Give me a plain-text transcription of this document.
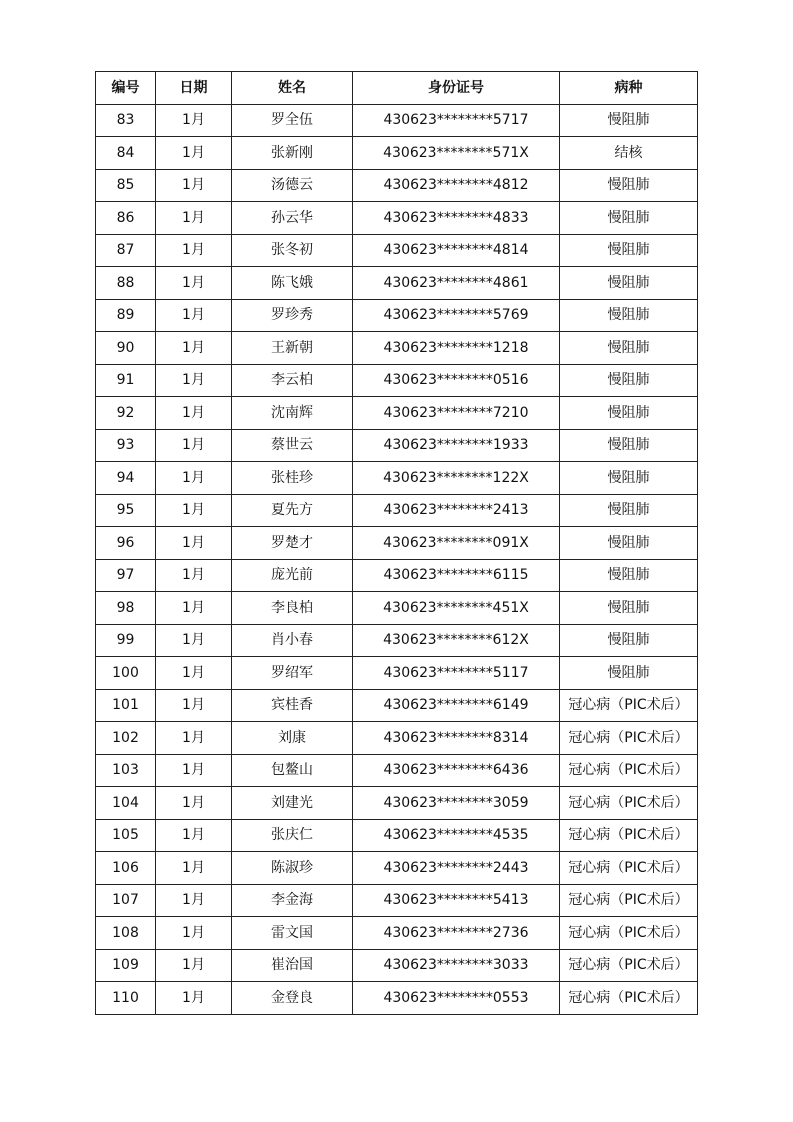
编号	日期	姓名	身份证号	病种
83	1月	罗全伍	430623********5717	慢阻肺
84	1月	张新刚	430623********571X	结核
85	1月	汤德云	430623********4812	慢阻肺
86	1月	孙云华	430623********4833	慢阻肺
87	1月	张冬初	430623********4814	慢阻肺
88	1月	陈飞娥	430623********4861	慢阻肺
89	1月	罗珍秀	430623********5769	慢阻肺
90	1月	王新朝	430623********1218	慢阻肺
91	1月	李云柏	430623********0516	慢阻肺
92	1月	沈南辉	430623********7210	慢阻肺
93	1月	蔡世云	430623********1933	慢阻肺
94	1月	张桂珍	430623********122X	慢阻肺
95	1月	夏先方	430623********2413	慢阻肺
96	1月	罗楚才	430623********091X	慢阻肺
97	1月	庞光前	430623********6115	慢阻肺
98	1月	李良柏	430623********451X	慢阻肺
99	1月	肖小春	430623********612X	慢阻肺
100	1月	罗绍军	430623********5117	慢阻肺
101	1月	宾桂香	430623********6149	冠心病（PIC术后）
102	1月	刘康	430623********8314	冠心病（PIC术后）
103	1月	包鳌山	430623********6436	冠心病（PIC术后）
104	1月	刘建光	430623********3059	冠心病（PIC术后）
105	1月	张庆仁	430623********4535	冠心病（PIC术后）
106	1月	陈淑珍	430623********2443	冠心病（PIC术后）
107	1月	李金海	430623********5413	冠心病（PIC术后）
108	1月	雷文国	430623********2736	冠心病（PIC术后）
109	1月	崔治国	430623********3033	冠心病（PIC术后）
110	1月	金登良	430623********0553	冠心病（PIC术后）
